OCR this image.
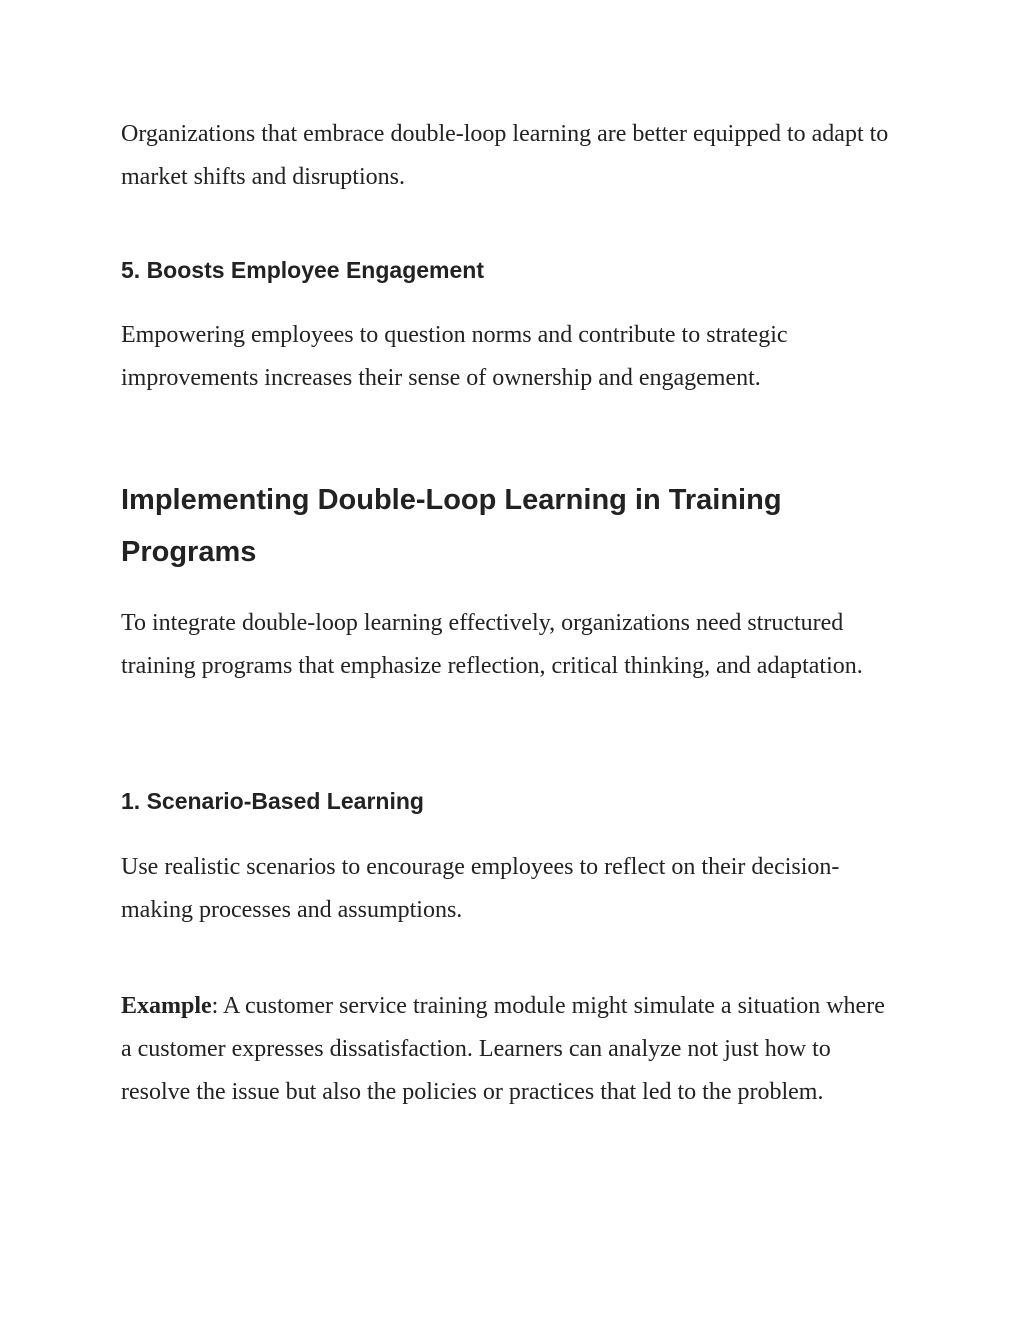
Organizations that embrace double-loop learning are better equipped to adapt to market shifts and disruptions.

5. Boosts Employee Engagement

Empowering employees to question norms and contribute to strategic improvements increases their sense of ownership and engagement.

Implementing Double-Loop Learning in Training Programs

To integrate double-loop learning effectively, organizations need structured training programs that emphasize reflection, critical thinking, and adaptation.

1. Scenario-Based Learning

Use realistic scenarios to encourage employees to reflect on their decision-making processes and assumptions.

Example: A customer service training module might simulate a situation where a customer expresses dissatisfaction. Learners can analyze not just how to resolve the issue but also the policies or practices that led to the problem.
